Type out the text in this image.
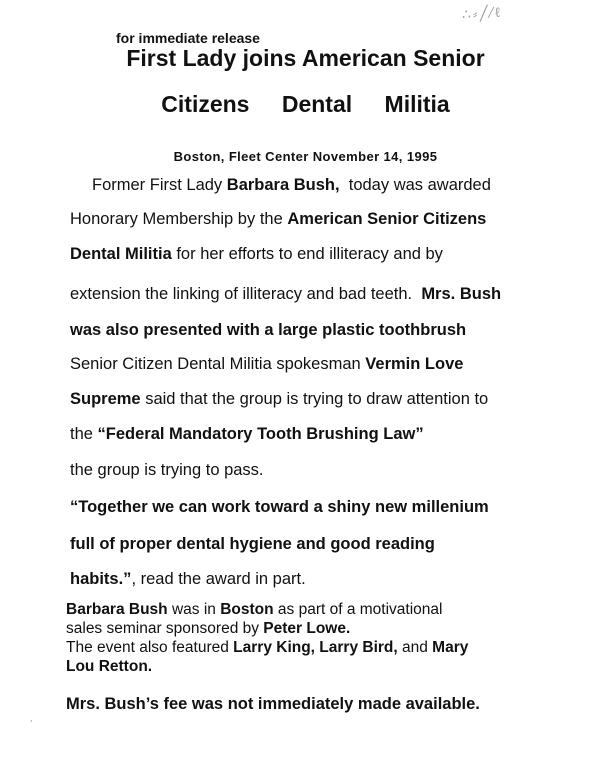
∴⸗╱⁄ℓ
for immediate release
First Lady joins American Senior
Citizens Dental Militia
Boston, Fleet Center November 14, 1995
Former First Lady Barbara Bush,  today was awarded
Honorary Membership by the American Senior Citizens
Dental Militia for her efforts to end illiteracy and by
extension the linking of illiteracy and bad teeth.  Mrs. Bush
was also presented with a large plastic toothbrush
Senior Citizen Dental Militia spokesman Vermin Love
Supreme said that the group is trying to draw attention to
the “Federal Mandatory Tooth Brushing Law”
the group is trying to pass.
“Together we can work toward a shiny new millenium
full of proper dental hygiene and good reading
habits.”, read the award in part.
Barbara Bush was in Boston as part of a motivational
sales seminar sponsored by Peter Lowe.
The event also featured Larry King, Larry Bird, and Mary
Lou Retton.
Mrs. Bush’s fee was not immediately made available.
⸳
